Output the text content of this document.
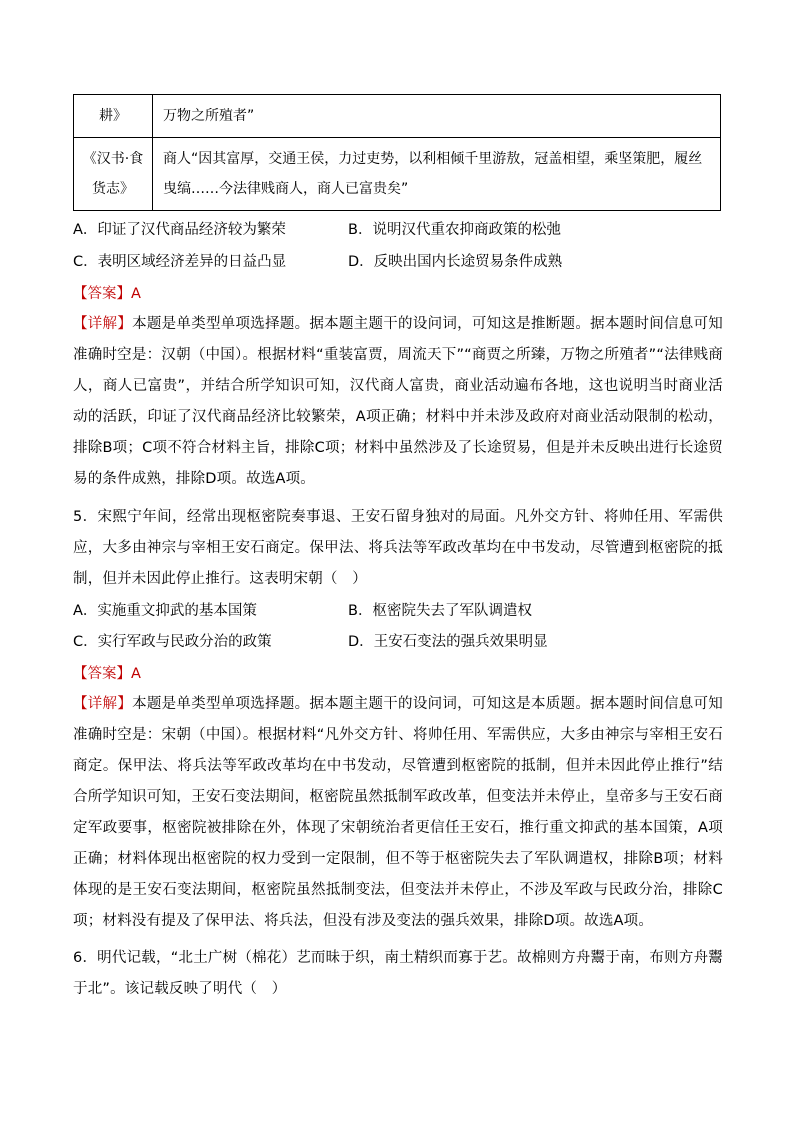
耕》	万物之所殖者”
《汉书·食货志》	商人“因其富厚，交通王侯，力过吏势，以利相倾千里游敖，冠盖相望，乘坚策肥，履丝曳缟……今法律贱商人，商人已富贵矣”
A．印证了汉代商品经济较为繁荣	B．说明汉代重农抑商政策的松弛
C．表明区域经济差异的日益凸显	D．反映出国内长途贸易条件成熟
【答案】A
【详解】本题是单类型单项选择题。据本题主题干的设问词，可知这是推断题。据本题时间信息可知准确时空是：汉朝（中国）。根据材料“重装富贾，周流天下”“商贾之所臻，万物之所殖者”“法律贱商人，商人已富贵”，并结合所学知识可知，汉代商人富贵，商业活动遍布各地，这也说明当时商业活动的活跃，印证了汉代商品经济比较繁荣，A项正确；材料中并未涉及政府对商业活动限制的松动，排除B项；C项不符合材料主旨，排除C项；材料中虽然涉及了长途贸易，但是并未反映出进行长途贸易的条件成熟，排除D项。故选A项。
5．宋熙宁年间，经常出现枢密院奏事退、王安石留身独对的局面。凡外交方针、将帅任用、军需供应，大多由神宗与宰相王安石商定。保甲法、将兵法等军政改革均在中书发动，尽管遭到枢密院的抵制，但并未因此停止推行。这表明宋朝（　）
A．实施重文抑武的基本国策	B．枢密院失去了军队调遣权
C．实行军政与民政分治的政策	D．王安石变法的强兵效果明显
【答案】A
【详解】本题是单类型单项选择题。据本题主题干的设问词，可知这是本质题。据本题时间信息可知准确时空是：宋朝（中国）。根据材料“凡外交方针、将帅任用、军需供应，大多由神宗与宰相王安石商定。保甲法、将兵法等军政改革均在中书发动，尽管遭到枢密院的抵制，但并未因此停止推行”结合所学知识可知，王安石变法期间，枢密院虽然抵制军政改革，但变法并未停止，皇帝多与王安石商定军政要事，枢密院被排除在外，体现了宋朝统治者更信任王安石，推行重文抑武的基本国策，A项正确；材料体现出枢密院的权力受到一定限制，但不等于枢密院失去了军队调遣权，排除B项；材料体现的是王安石变法期间，枢密院虽然抵制变法，但变法并未停止，不涉及军政与民政分治，排除C项；材料没有提及了保甲法、将兵法，但没有涉及变法的强兵效果，排除D项。故选A项。
6．明代记载，“北土广树（棉花）艺而昧于织，南土精织而寡于艺。故棉则方舟鬻于南，布则方舟鬻于北”。该记载反映了明代（　）
